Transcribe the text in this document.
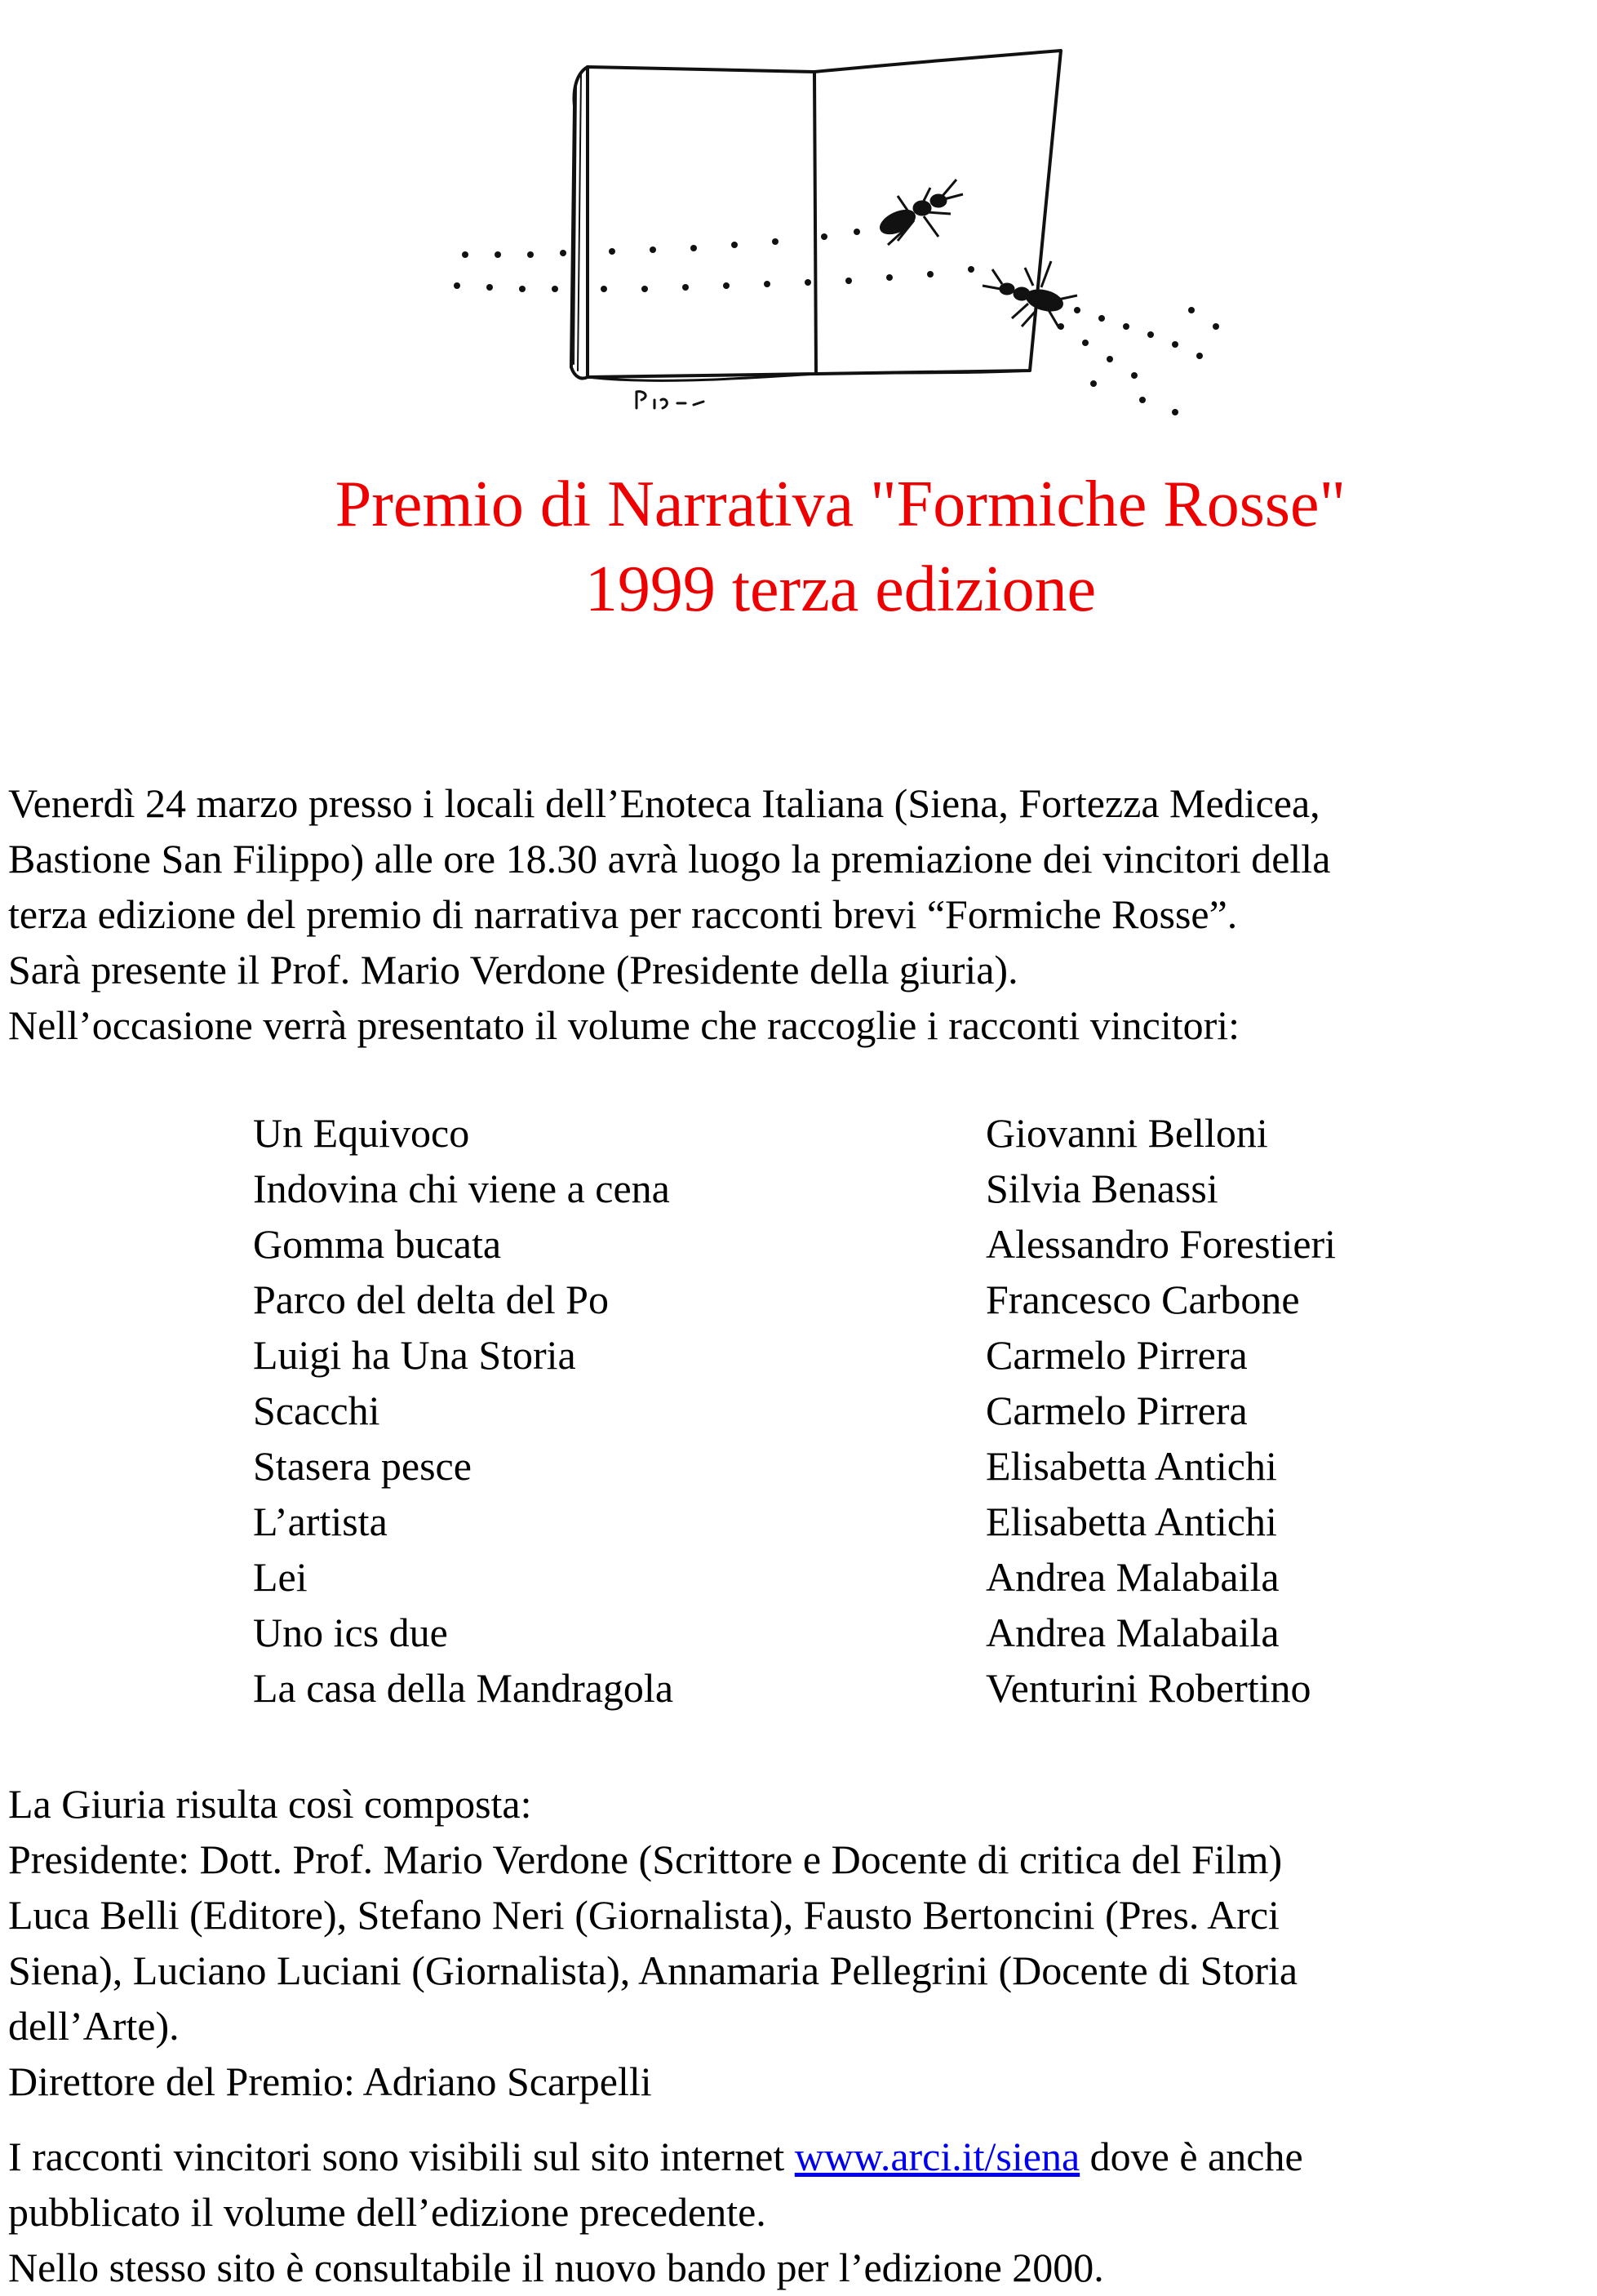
Premio di Narrativa "Formiche Rosse"
1999 terza edizione
Venerdì 24 marzo presso i locali dell’Enoteca Italiana (Siena, Fortezza Medicea,
Bastione San Filippo) alle ore 18.30 avrà luogo la premiazione dei vincitori della
terza edizione del premio di narrativa per racconti brevi “Formiche Rosse”.
Sarà presente il Prof. Mario Verdone (Presidente della giuria).
Nell’occasione verrà presentato il volume che raccoglie i racconti vincitori:
Un Equivoco
Indovina chi viene a cena
Gomma bucata
Parco del delta del Po
Luigi ha Una Storia
Scacchi
Stasera pesce
L’artista
Lei
Uno ics due
La casa della Mandragola
Giovanni Belloni
Silvia Benassi
Alessandro Forestieri
Francesco Carbone
Carmelo Pirrera
Carmelo Pirrera
Elisabetta Antichi
Elisabetta Antichi
Andrea Malabaila
Andrea Malabaila
Venturini Robertino
La Giuria risulta così composta:
Presidente: Dott. Prof. Mario Verdone (Scrittore e Docente di critica del Film)
Luca Belli (Editore), Stefano Neri (Giornalista), Fausto Bertoncini (Pres. Arci
Siena), Luciano Luciani (Giornalista), Annamaria Pellegrini (Docente di Storia
dell’Arte).
Direttore del Premio: Adriano Scarpelli
I racconti vincitori sono visibili sul sito internet www.arci.it/siena dove è anche
pubblicato il volume dell’edizione precedente.
Nello stesso sito è consultabile il nuovo bando per l’edizione 2000.
